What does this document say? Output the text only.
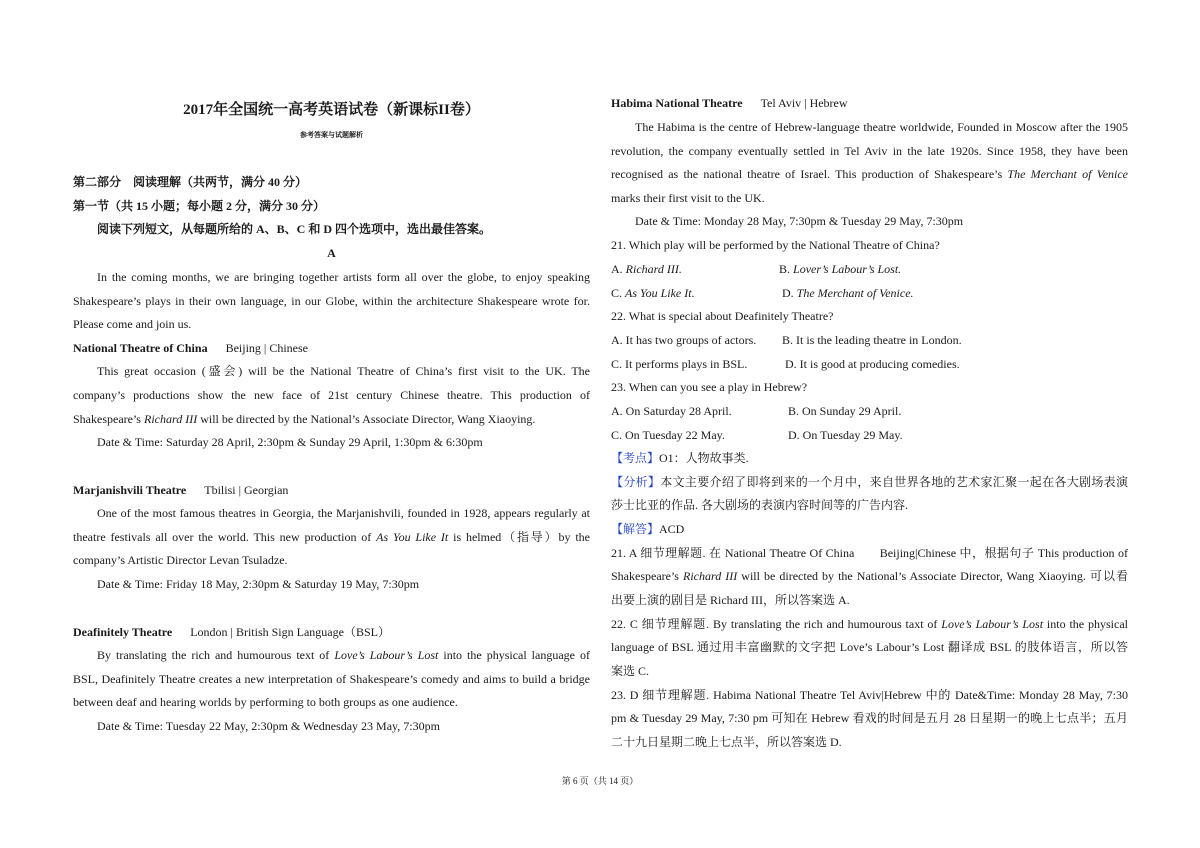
2017年全国统一高考英语试卷（新课标II卷）
参考答案与试题解析
第二部分　阅读理解（共两节，满分 40 分）
第一节（共 15 小题；每小题 2 分，满分 30 分）
阅读下列短文，从每题所给的 A、B、C 和 D 四个选项中，选出最佳答案。
A
In the coming months, we are bringing together artists form all over the globe, to enjoy speaking
Shakespeare’s plays in their own language, in our Globe, within the architecture Shakespeare wrote for.
Please come and join us.
National Theatre of China Beijing | Chinese
This great occasion (盛会) will be the National Theatre of China’s first visit to the UK. The
company’s productions show the new face of 21st century Chinese theatre. This production of
Shakespeare’s Richard III will be directed by the National’s Associate Director, Wang Xiaoying.
Date & Time: Saturday 28 April, 2:30pm & Sunday 29 April, 1:30pm & 6:30pm
Marjanishvili Theatre Tbilisi | Georgian
One of the most famous theatres in Georgia, the Marjanishvili, founded in 1928, appears regularly at
theatre festivals all over the world. This new production of As You Like It is helmed（指导）by the
company’s Artistic Director Levan Tsuladze.
Date & Time: Friday 18 May, 2:30pm & Saturday 19 May, 7:30pm
Deafinitely Theatre London | British Sign Language（BSL）
By translating the rich and humourous text of Love’s Labour’s Lost into the physical language of
BSL, Deafinitely Theatre creates a new interpretation of Shakespeare’s comedy and aims to build a bridge
between deaf and hearing worlds by performing to both groups as one audience.
Date & Time: Tuesday 22 May, 2:30pm & Wednesday 23 May, 7:30pm
Habima National Theatre Tel Aviv | Hebrew
The Habima is the centre of Hebrew-language theatre worldwide, Founded in Moscow after the 1905
revolution, the company eventually settled in Tel Aviv in the late 1920s. Since 1958, they have been
recognised as the national theatre of Israel. This production of Shakespeare’s The Merchant of Venice
marks their first visit to the UK.
Date & Time: Monday 28 May, 7:30pm & Tuesday 29 May, 7:30pm
21. Which play will be performed by the National Theatre of China?
A. Richard III.	B. Lover’s Labour’s Lost.
C. As You Like It.	D. The Merchant of Venice.
22. What is special about Deafinitely Theatre?
A. It has two groups of actors. B. It is the leading theatre in London.
C. It performs plays in BSL.	D. It is good at producing comedies.
23. When can you see a play in Hebrew?
A. On Saturday 28 April.	B. On Sunday 29 April.
C. On Tuesday 22 May.	D. On Tuesday 29 May.
【考点】O1：人物故事类.
【分析】本文主要介绍了即将到来的一个月中，来自世界各地的艺术家汇聚一起在各大剧场表演
莎士比亚的作品. 各大剧场的表演内容时间等的广告内容.
【解答】ACD
21. A 细节理解题. 在 National Theatre Of China　　Beijing|Chinese 中，根据句子 This production of
Shakespeare’s Richard III will be directed by the National’s Associate Director, Wang Xiaoying. 可以看
出要上演的剧目是 Richard III，所以答案选 A.
22. C 细节理解题. By translating the rich and humourous taxt of Love’s Labour’s Lost into the physical
language of BSL 通过用丰富幽默的文字把 Love’s Labour’s Lost 翻译成 BSL 的肢体语言，所以答
案选 C.
23. D 细节理解题. Habima National Theatre Tel Aviv|Hebrew 中的 Date&Time: Monday 28 May, 7:30
pm & Tuesday 29 May, 7:30 pm 可知在 Hebrew 看戏的时间是五月 28 日星期一的晚上七点半；五月
二十九日星期二晚上七点半，所以答案选 D.
第 6 页（共 14 页）
